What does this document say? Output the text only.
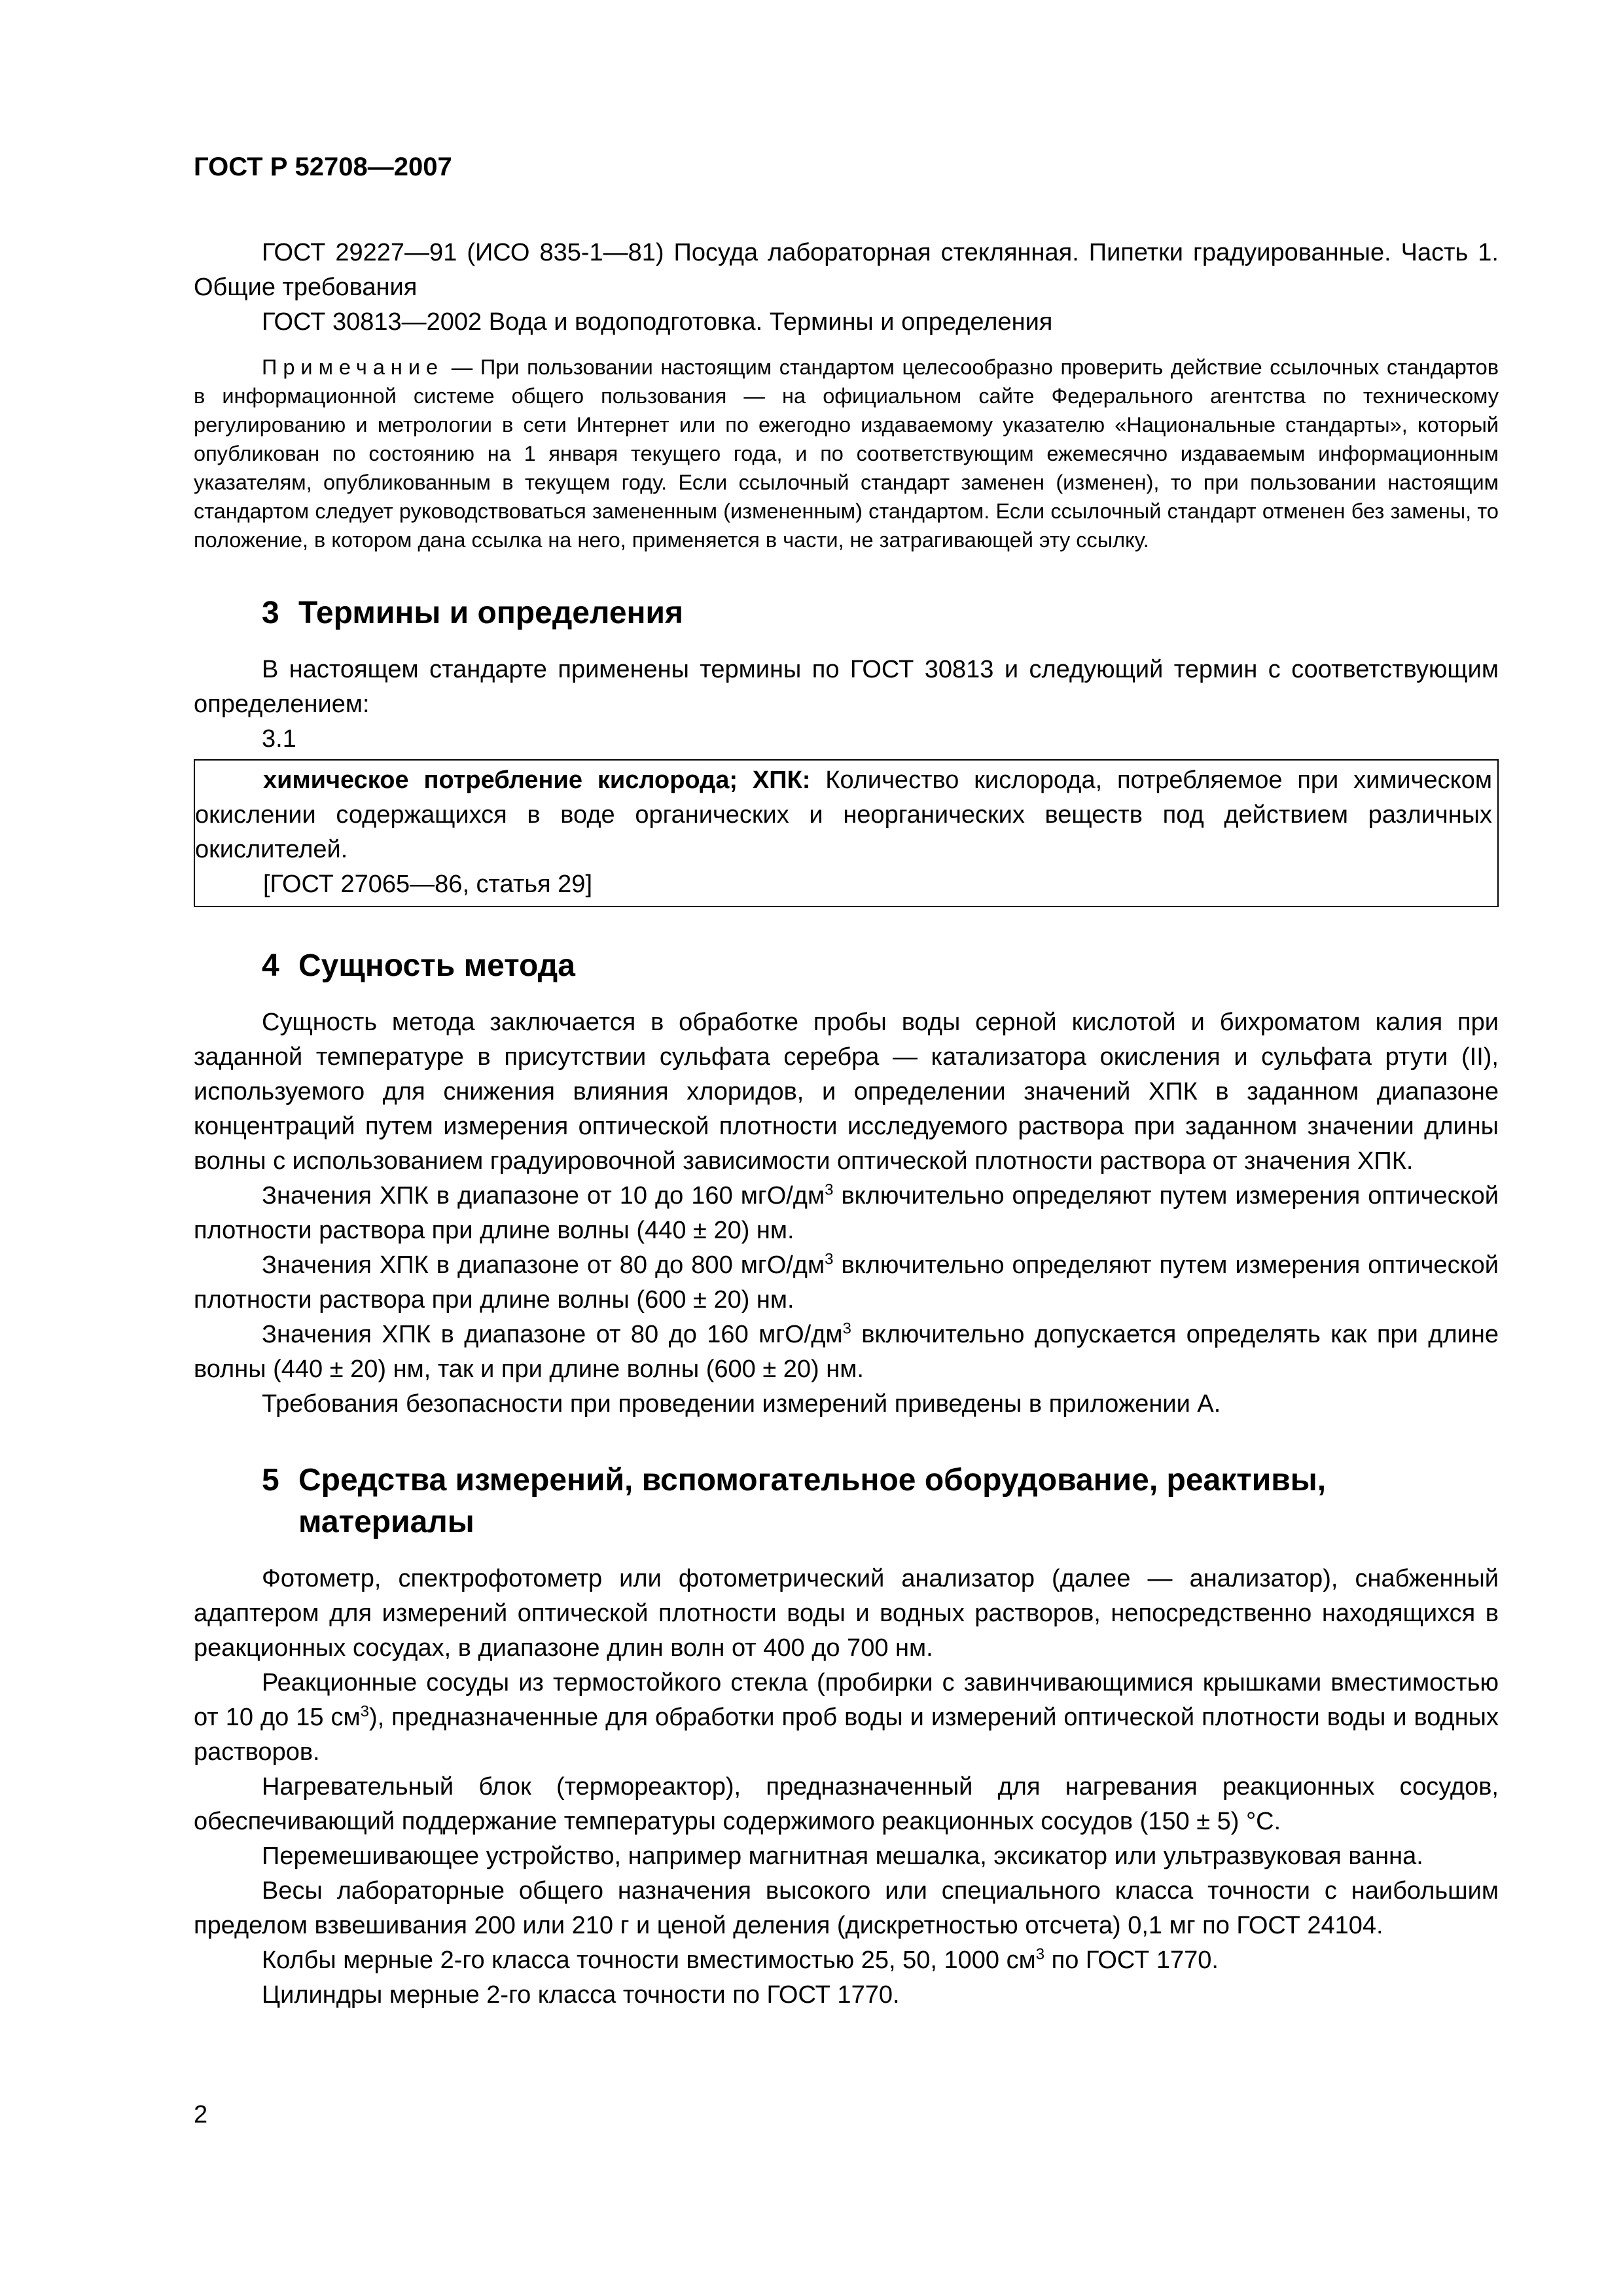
ГОСТ Р 52708—2007

ГОСТ 29227—91 (ИСО 835-1—81) Посуда лабораторная стеклянная. Пипетки градуированные. Часть 1. Общие требования

ГОСТ 30813—2002 Вода и водоподготовка. Термины и определения

Примечание — При пользовании настоящим стандартом целесообразно проверить действие ссылочных стандартов в информационной системе общего пользования — на официальном сайте Федерального агентства по техническому регулированию и метрологии в сети Интернет или по ежегодно издаваемому указателю «Национальные стандарты», который опубликован по состоянию на 1 января текущего года, и по соответствующим ежемесячно издаваемым информационным указателям, опубликованным в текущем году. Если ссылочный стандарт заменен (изменен), то при пользовании настоящим стандартом следует руководствоваться замененным (измененным) стандартом. Если ссылочный стандарт отменен без замены, то положение, в котором дана ссылка на него, применяется в части, не затрагивающей эту ссылку.

3 Термины и определения

В настоящем стандарте применены термины по ГОСТ 30813 и следующий термин с соответствующим определением:

3.1

химическое потребление кислорода; ХПК: Количество кислорода, потребляемое при химическом окислении содержащихся в воде органических и неорганических веществ под действием различных окислителей.

[ГОСТ 27065—86, статья 29]

4 Сущность метода

Сущность метода заключается в обработке пробы воды серной кислотой и бихроматом калия при заданной температуре в присутствии сульфата серебра — катализатора окисления и сульфата ртути (II), используемого для снижения влияния хлоридов, и определении значений ХПК в заданном диапазоне концентраций путем измерения оптической плотности исследуемого раствора при заданном значении длины волны с использованием градуировочной зависимости оптической плотности раствора от значения ХПК.

Значения ХПК в диапазоне от 10 до 160 мгО/$дм^3$ включительно определяют путем измерения оптической плотности раствора при длине волны (440 ± 20) нм.

Значения ХПК в диапазоне от 80 до 800 мгО/$дм^3$ включительно определяют путем измерения оптической плотности раствора при длине волны (600 ± 20) нм.

Значения ХПК в диапазоне от 80 до 160 мгО/$дм^3$ включительно допускается определять как при длине волны (440 ± 20) нм, так и при длине волны (600 ± 20) нм.

Требования безопасности при проведении измерений приведены в приложении А.

5 Средства измерений, вспомогательное оборудование, реактивы, материалы

Фотометр, спектрофотометр или фотометрический анализатор (далее — анализатор), снабженный адаптером для измерений оптической плотности воды и водных растворов, непосредственно находящихся в реакционных сосудах, в диапазоне длин волн от 400 до 700 нм.

Реакционные сосуды из термостойкого стекла (пробирки с завинчивающимися крышками вместимостью от 10 до 15 $см^3$), предназначенные для обработки проб воды и измерений оптической плотности воды и водных растворов.

Нагревательный блок (термореактор), предназначенный для нагревания реакционных сосудов, обеспечивающий поддержание температуры содержимого реакционных сосудов (150 ± 5) °С.

Перемешивающее устройство, например магнитная мешалка, эксикатор или ультразвуковая ванна.

Весы лабораторные общего назначения высокого или специального класса точности с наибольшим пределом взвешивания 200 или 210 г и ценой деления (дискретностью отсчета) 0,1 мг по ГОСТ 24104.

Колбы мерные 2-го класса точности вместимостью 25, 50, 1000 $см^3$ по ГОСТ 1770.

Цилиндры мерные 2-го класса точности по ГОСТ 1770.

2
